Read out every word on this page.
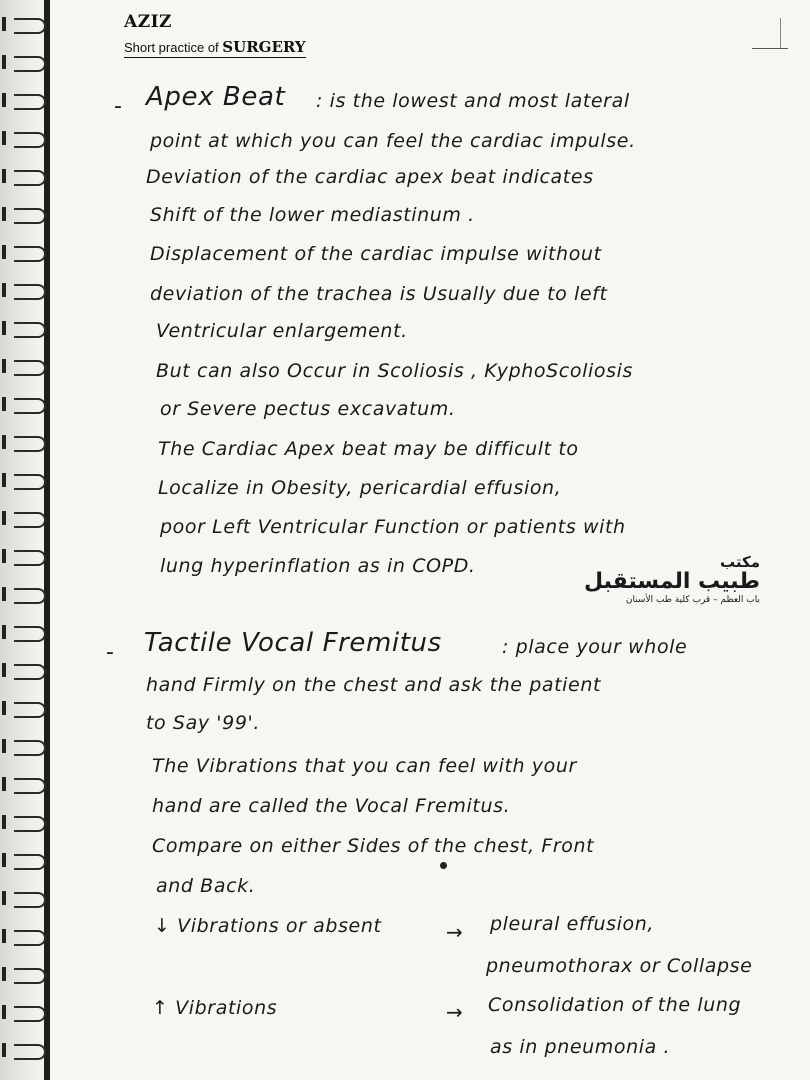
AZIZ
Short practice of SURGERY
- Apex Beat : is the lowest and most lateral
point at which you can feel the cardiac impulse.
Deviation of the cardiac apex beat indicates
Shift of the lower mediastinum .
Displacement of the cardiac impulse without
deviation of the trachea is Usually due to left
Ventricular enlargement.
But can also Occur in Scoliosis , KyphoScoliosis
or Severe pectus excavatum.
The Cardiac Apex beat may be difficult to
Localize in Obesity, pericardial effusion,
poor Left Ventricular Function or patients with
lung hyperinflation as in COPD.	مكتب
طبيب المستقبل
باب العظم – قرب كلية طب الأسنان
- Tactile Vocal Fremitus	: place your whole
hand Firmly on the chest and ask the patient
to Say '99'.
The Vibrations that you can feel with your
hand are called the Vocal Fremitus.
Compare on either Sides of the chest, Front
and Back.
↓ Vibrations or absent	→ pleural effusion,
pneumothorax or Collapse
↑ Vibrations	→ Consolidation of the lung
as in pneumonia .
